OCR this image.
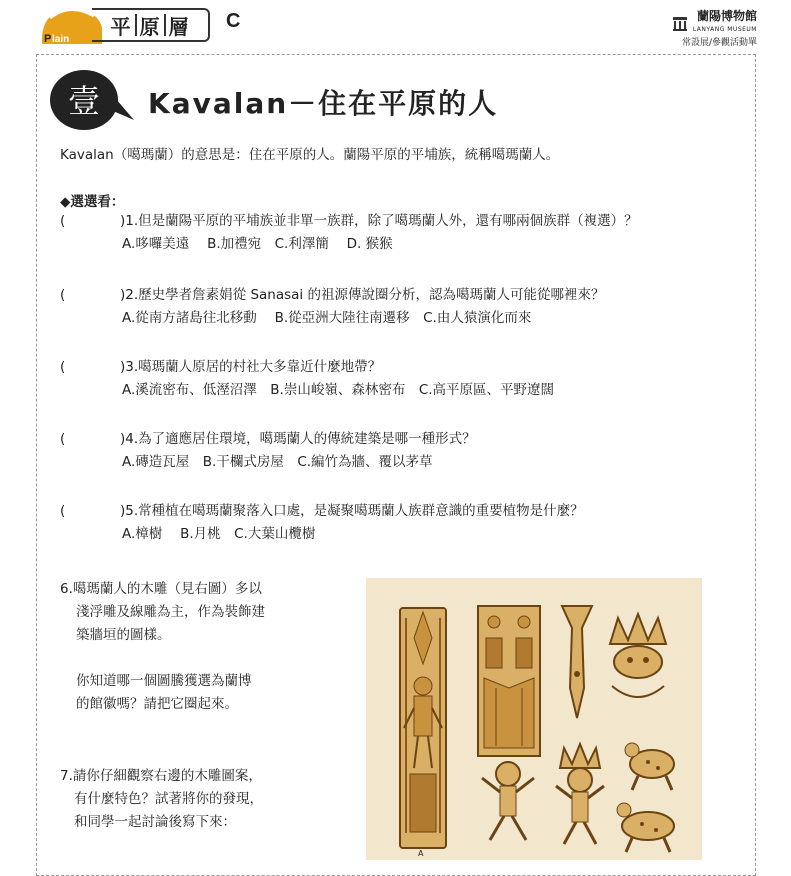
P lain
平 原 層 C	蘭陽博物館
LANYANG MUSEUM
常設展/參觀活動單
壹 Kavalan－住在平原的人
Kavalan（噶瑪蘭）的意思是：住在平原的人。蘭陽平原的平埔族，統稱噶瑪蘭人。
◆選選看：
(	)1.但是蘭陽平原的平埔族並非單一族群，除了噶瑪蘭人外，還有哪兩個族群（複選）？
A.哆囉美遠　 B.加禮宛　C.利澤簡　 D. 猴猴
(	)2.歷史學者詹素娟從 Sanasai 的祖源傳說圈分析，認為噶瑪蘭人可能從哪裡來？
A.從南方諸島往北移動　 B.從亞洲大陸往南遷移　C.由人猿演化而來
(	)3.噶瑪蘭人原居的村社大多靠近什麼地帶？
A.溪流密布、低溼沼澤　B.崇山峻嶺、森林密布　C.高平原區、平野遼闊
(	)4.為了適應居住環境，噶瑪蘭人的傳統建築是哪一種形式？
A.磚造瓦屋　B.干欄式房屋　C.編竹為牆、覆以茅草
(	)5.常種植在噶瑪蘭聚落入口處，是凝聚噶瑪蘭人族群意識的重要植物是什麼？
A.樟樹　 B.月桃　C.大葉山欖樹
6.噶瑪蘭人的木雕（見右圖）多以
淺浮雕及線雕為主，作為裝飾建
築牆垣的圖樣。
你知道哪一個圖騰獲選為蘭博
的館徽嗎？請把它圈起來。
7.請你仔細觀察右邊的木雕圖案，
有什麼特色？試著將你的發現，
和同學一起討論後寫下來：
A
